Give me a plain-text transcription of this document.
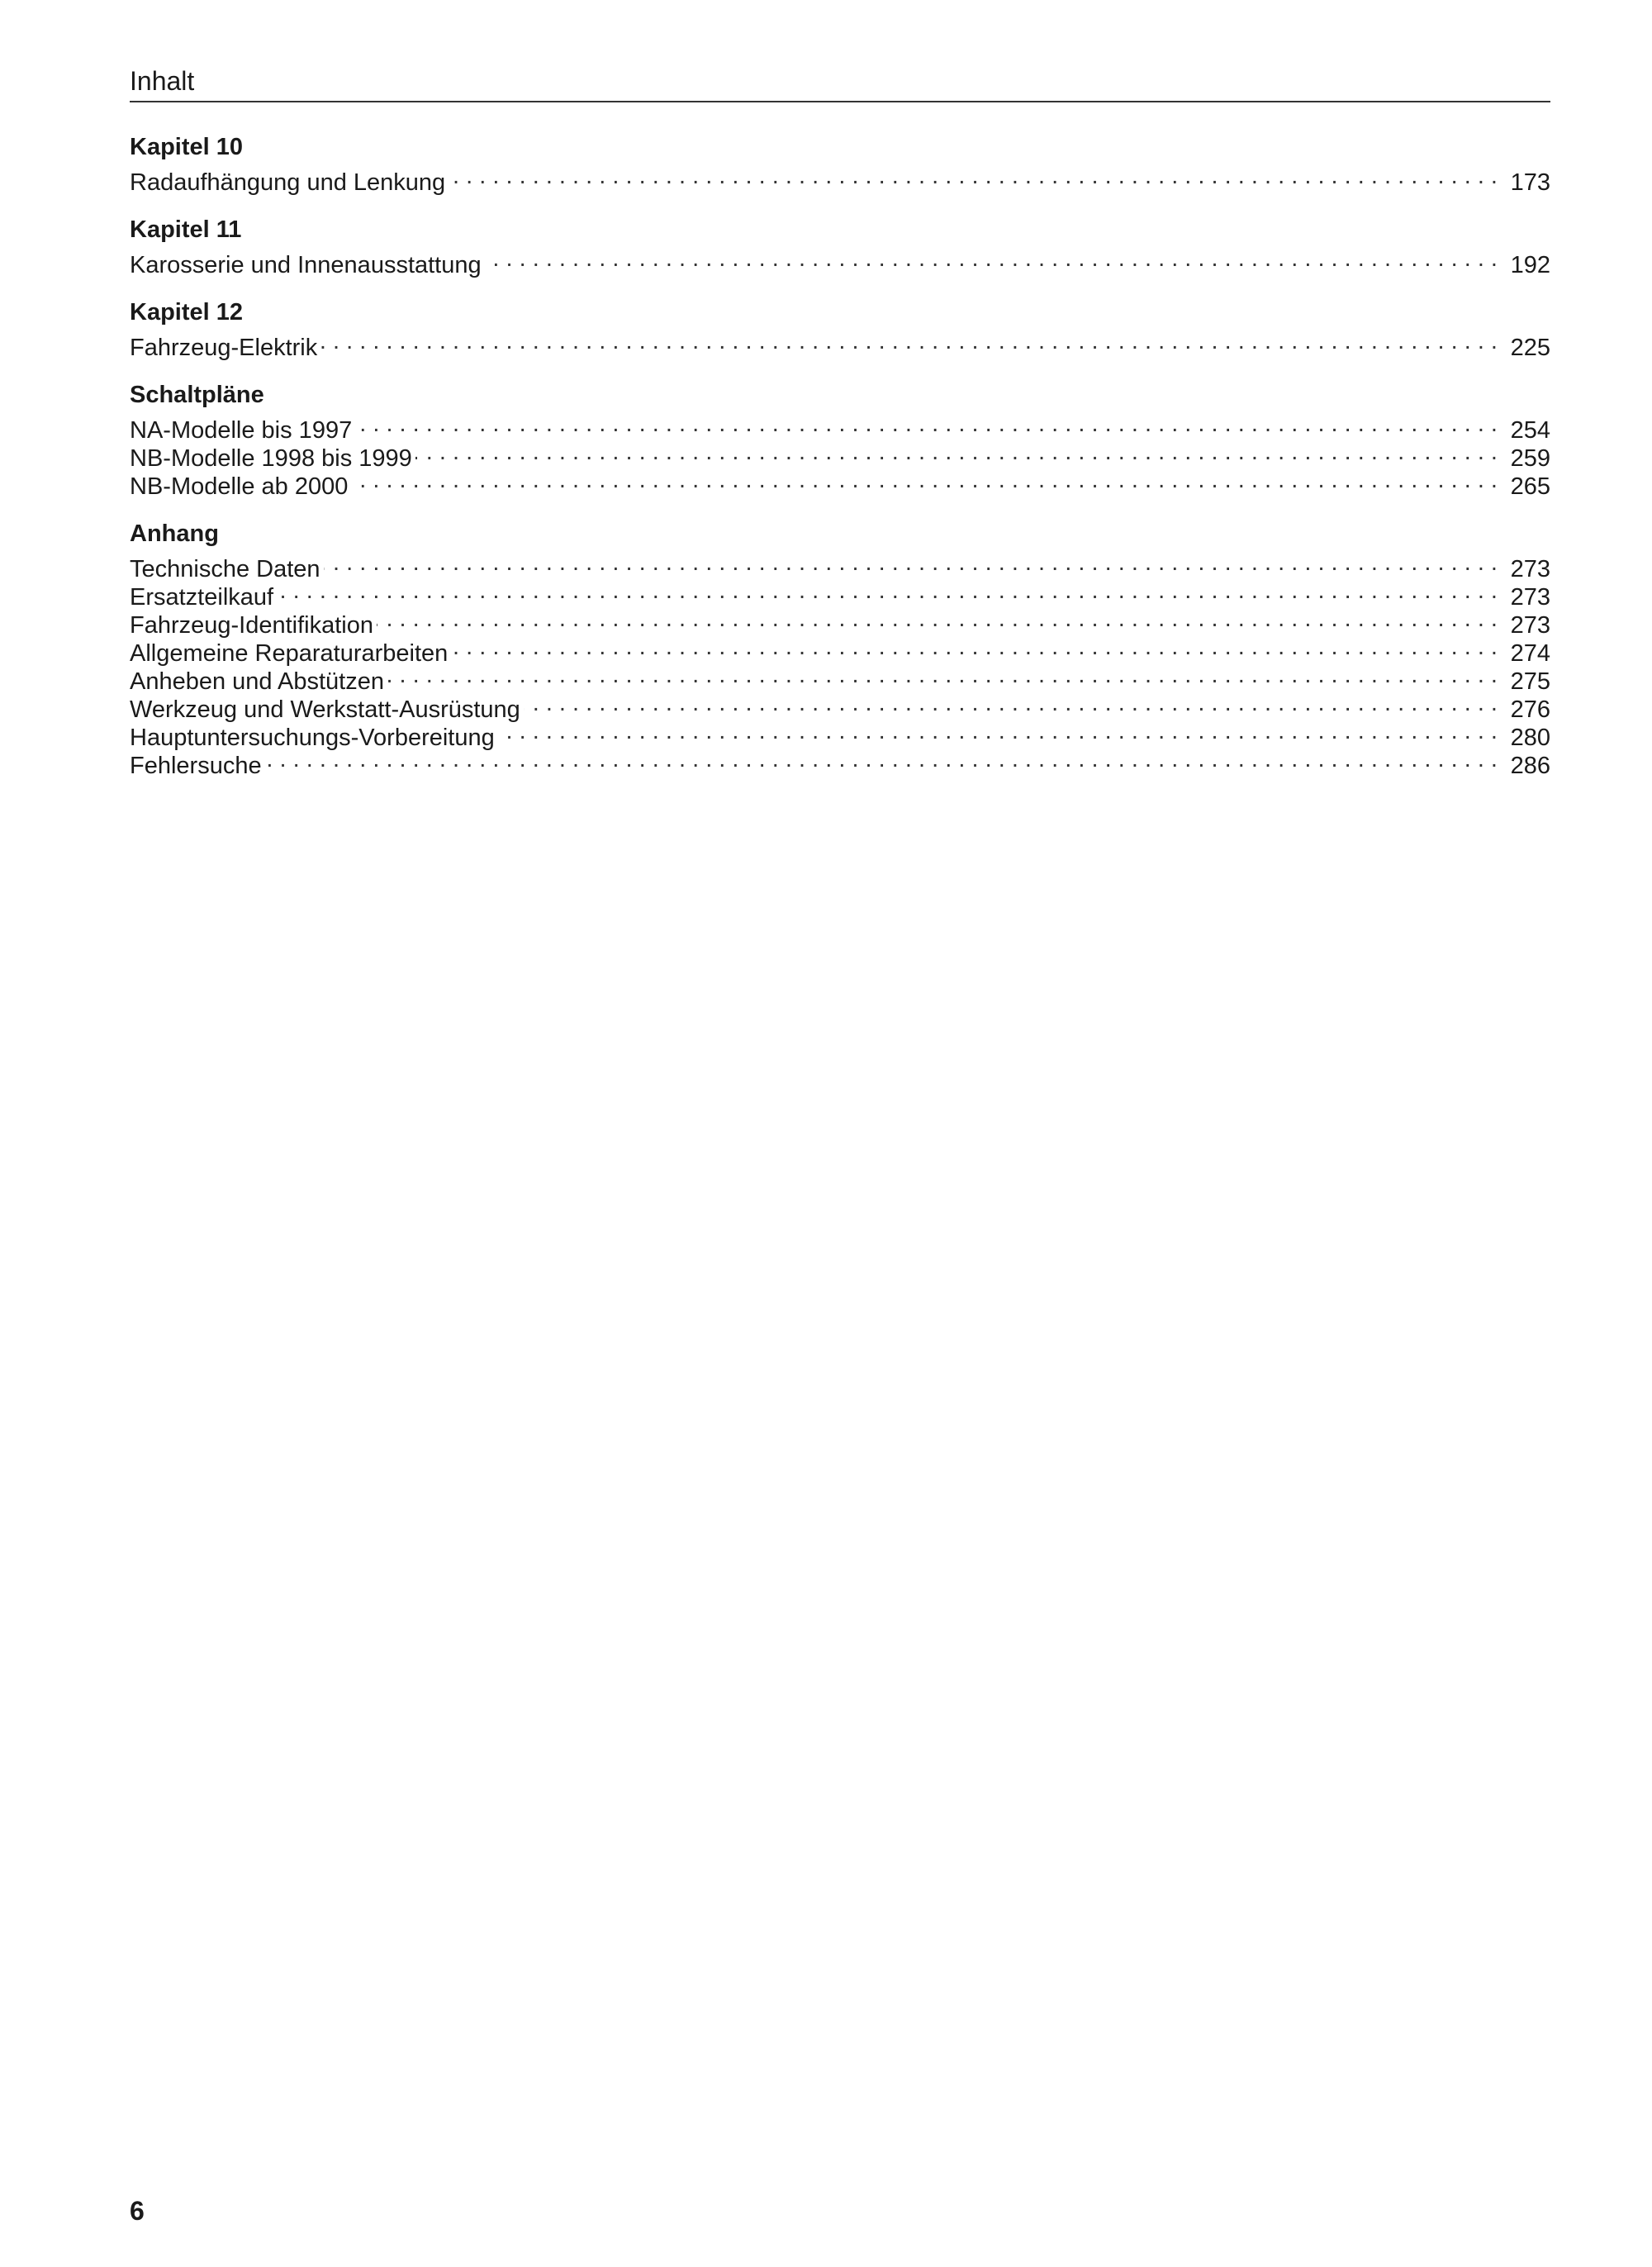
Inhalt
Kapitel 10
Radaufhängung und Lenkung . . .	173
Kapitel 11
Karosserie und Innenausstattung . . .	192
Kapitel 12
Fahrzeug-Elektrik . . .	225
Schaltpläne
NA-Modelle bis 1997 . . .	254
NB-Modelle 1998 bis 1999 . . .	259
NB-Modelle ab 2000 . . .	265
Anhang
Technische Daten . . .	273
Ersatzteilkauf . . .	273
Fahrzeug-Identifikation . . .	273
Allgemeine Reparaturarbeiten . . .	274
Anheben und Abstützen . . .	275
Werkzeug und Werkstatt-Ausrüstung . . .	276
Hauptuntersuchungs-Vorbereitung . . .	280
Fehlersuche . . .	286
6
